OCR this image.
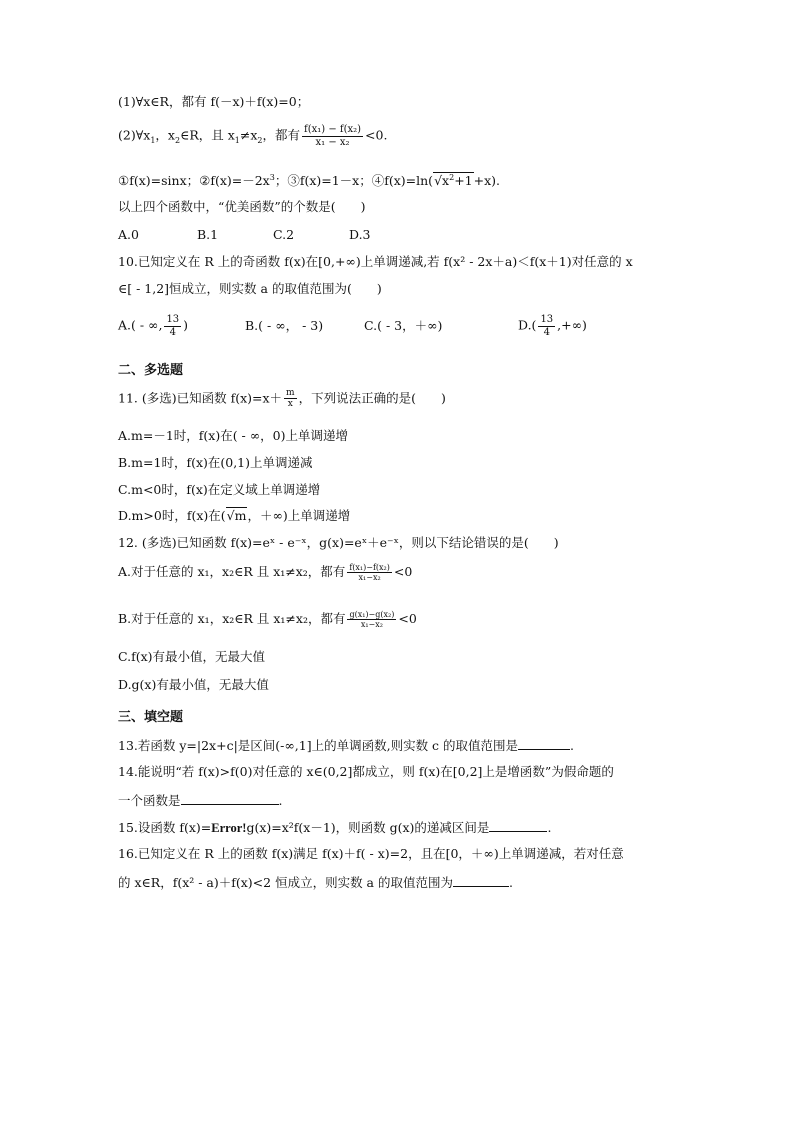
(1)∀x∈R，都有 f(－x)＋f(x)=0；
$(2)\forall x_1$，$x_2\in R$，且 $x_1\ne x_2$，都有 $\frac{\text{f(x₁) − f(x₂)}}{\text{x₁ − x₂}} <0$.
①f(x)=sinx；$②f(x)=-2x^3$；③f(x)=1－x；$④f(x)=\ln(√x^2+1+x)$.
以上四个函数中，“优美函数”的个数是(　　)
A.0	B.1	C.2	D.3
10.已知定义在 R 上的奇函数 f(x)在[0,+∞)上单调递减,若 f(x² - 2x＋a)＜f(x＋1)对任意的 x
∈[ - 1,2]恒成立，则实数 a 的取值范围为(　　)
A.( - ∞, $\frac{13}{4}$ )	B.( - ∞， - 3)	C.( - 3，＋∞)	$D.( \frac{13}{4}$ ,+∞)
二、多选题
11. (多选)已知函数 $f(x)=x+ \frac{m}{x}$ ，下列说法正确的是(　　)
A.m=－1时，f(x)在( - ∞，0)上单调递增
B.m=1时，f(x)在(0,1)上单调递减
C.m<0时，f(x)在定义域上单调递增
D.m>0时，f(x)在(√m，＋∞)上单调递增
12. (多选)已知函数 f(x)=eˣ - e⁻ˣ，g(x)=eˣ＋e⁻ˣ，则以下结论错误的是(　　)
A.对于任意的 x₁，x₂∈R 且 x₁≠x₂，都有 $\frac{\text{f(x₁)−f(x₂)}}{\text{x₁−x₂}} <0$
B.对于任意的 x₁，x₂∈R 且 x₁≠x₂，都有 $\frac{\text{g(x₁)−g(x₂)}}{\text{x₁−x₂}} <0$
C.f(x)有最小值，无最大值
D.g(x)有最小值，无最大值
三、填空题
13.若函数 y=|2x+c|是区间(-∞,1]上的单调函数,则实数 c 的取值范围是	.
14.能说明“若 f(x)>f(0)对任意的 x∈(0,2]都成立，则 f(x)在[0,2]上是增函数”为假命题的
一个函数是	.
15.设函数 f(x)=Error!g(x)=x²f(x－1)，则函数 g(x)的递减区间是	.
16.已知定义在 R 上的函数 f(x)满足 f(x)＋f( - x)=2，且在[0，＋∞)上单调递减，若对任意
的 x∈R，f(x² - a)＋f(x)<2 恒成立，则实数 a 的取值范围为	.
